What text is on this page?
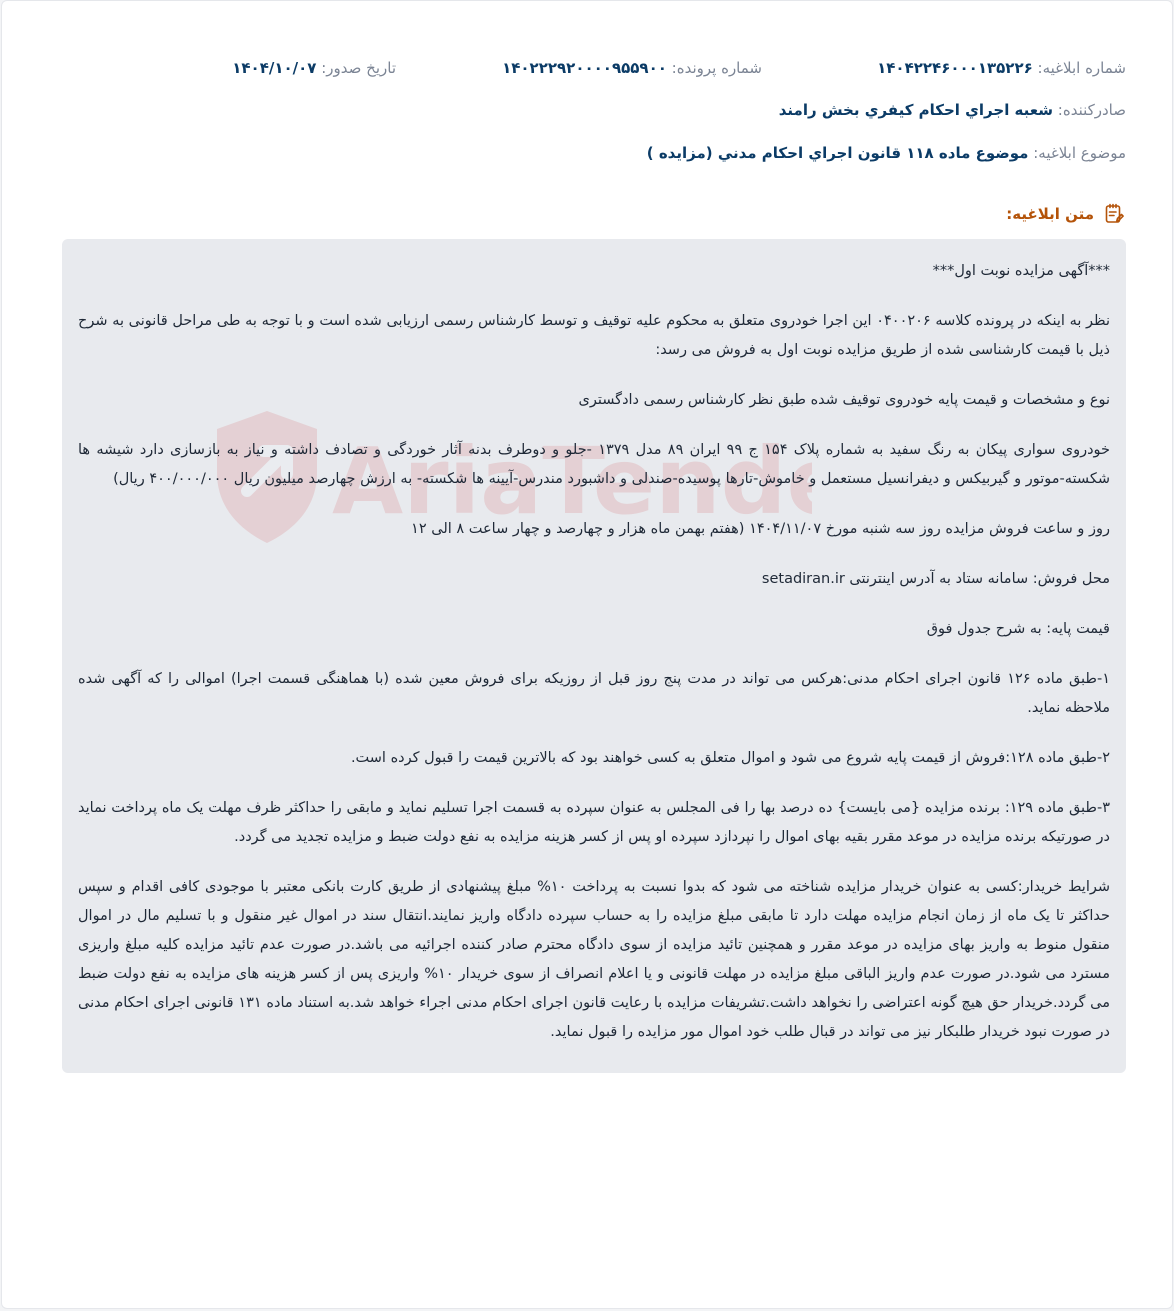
شماره ابلاغیه: ۱۴۰۴۲۲۴۶۰۰۰۱۳۵۲۲۶
شماره پرونده: ۱۴۰۲۲۲۹۲۰۰۰۰۹۵۵۹۰۰
تاریخ صدور: ۱۴۰۴/۱۰/۰۷
صادرکننده: شعبه اجراي احكام كيفري بخش رامند
موضوع ابلاغیه: موضوع ماده ۱۱۸ قانون اجراي احكام مدني (مزايده )
متن ابلاغیه:
AriaTend

***آگهی مزایده نوبت اول***

نظر به اینکه در پرونده کلاسه ۰۴۰۰۲۰۶ این اجرا خودروی متعلق به محکوم علیه توقیف و توسط کارشناس رسمی ارزیابی شده است و با توجه به طی مراحل قانونی به شرح ذیل با قیمت کارشناسی شده از طریق مزایده نوبت اول به فروش می رسد:

نوع و مشخصات و قیمت پایه خودروی توقیف شده طبق نظر کارشناس رسمی دادگستری

خودروی سواری پیکان به رنگ سفید به شماره پلاک ۱۵۴ ج ۹۹ ایران ۸۹ مدل ۱۳۷۹ -جلو و دوطرف بدنه آثار خوردگی و تصادف داشته و نیاز به بازسازی دارد شیشه ها شکسته-موتور و گیربیکس و دیفرانسیل مستعمل و خاموش-تارها پوسیده-صندلی و داشبورد مندرس-آیینه ها شکسته- به ارزش چهارصد میلیون ریال ۴۰۰/۰۰۰/۰۰۰ ریال)

روز و ساعت فروش مزایده روز سه شنبه مورخ ۱۴۰۴/۱۱/۰۷ (هفتم بهمن ماه هزار و چهارصد و چهار ساعت ۸ الی ۱۲

محل فروش: سامانه ستاد به آدرس اینترنتی setadiran.ir

قیمت پایه: به شرح جدول فوق

۱-طبق ماده ۱۲۶ قانون اجرای احکام مدنی:هرکس می تواند در مدت پنج روز قبل از روزیکه برای فروش معین شده (با هماهنگی قسمت اجرا) اموالی را که آگهی شده ملاحظه نماید.

۲-طبق ماده ۱۲۸:فروش از قیمت پایه شروع می شود و اموال متعلق به کسی خواهند بود که بالاترین قیمت را قبول کرده است.

۳-طبق ماده ۱۲۹: برنده مزایده {می بایست} ده درصد بها را فی المجلس به عنوان سپرده به قسمت اجرا تسلیم نماید و مابقی را حداکثر ظرف مهلت یک ماه پرداخت نماید در صورتیکه برنده مزایده در موعد مقرر بقیه بهای اموال را نپردازد سپرده او پس از کسر هزینه مزایده به نفع دولت ضبط و مزایده تجدید می گردد.

شرایط خریدار:کسی به عنوان خریدار مزایده شناخته می شود که بدوا نسبت به پرداخت ۱۰% مبلغ پیشنهادی از طریق کارت بانکی معتبر با موجودی کافی اقدام و سپس حداکثر تا یک ماه از زمان انجام مزایده مهلت دارد تا مابقی مبلغ مزایده را به حساب سپرده دادگاه واریز نمایند.انتقال سند در اموال غیر منقول و با تسلیم مال در اموال منقول منوط به واریز بهای مزایده در موعد مقرر و همچنین تائید مزایده از سوی دادگاه محترم صادر کننده اجرائیه می باشد.در صورت عدم تائید مزایده کلیه مبلغ واریزی مسترد می شود.در صورت عدم واریز الباقی مبلغ مزایده در مهلت قانونی و یا اعلام انصراف از سوی خریدار ۱۰% واریزی پس از کسر هزینه های مزایده به نفع دولت ضبط می گردد.خریدار حق هیچ گونه اعتراضی را نخواهد داشت.تشریفات مزایده با رعایت قانون اجرای احکام مدنی اجراء خواهد شد.به استناد ماده ۱۳۱ قانونی اجرای احکام مدنی در صورت نبود خریدار طلبکار نیز می تواند در قبال طلب خود اموال مور مزایده را قبول نماید.
